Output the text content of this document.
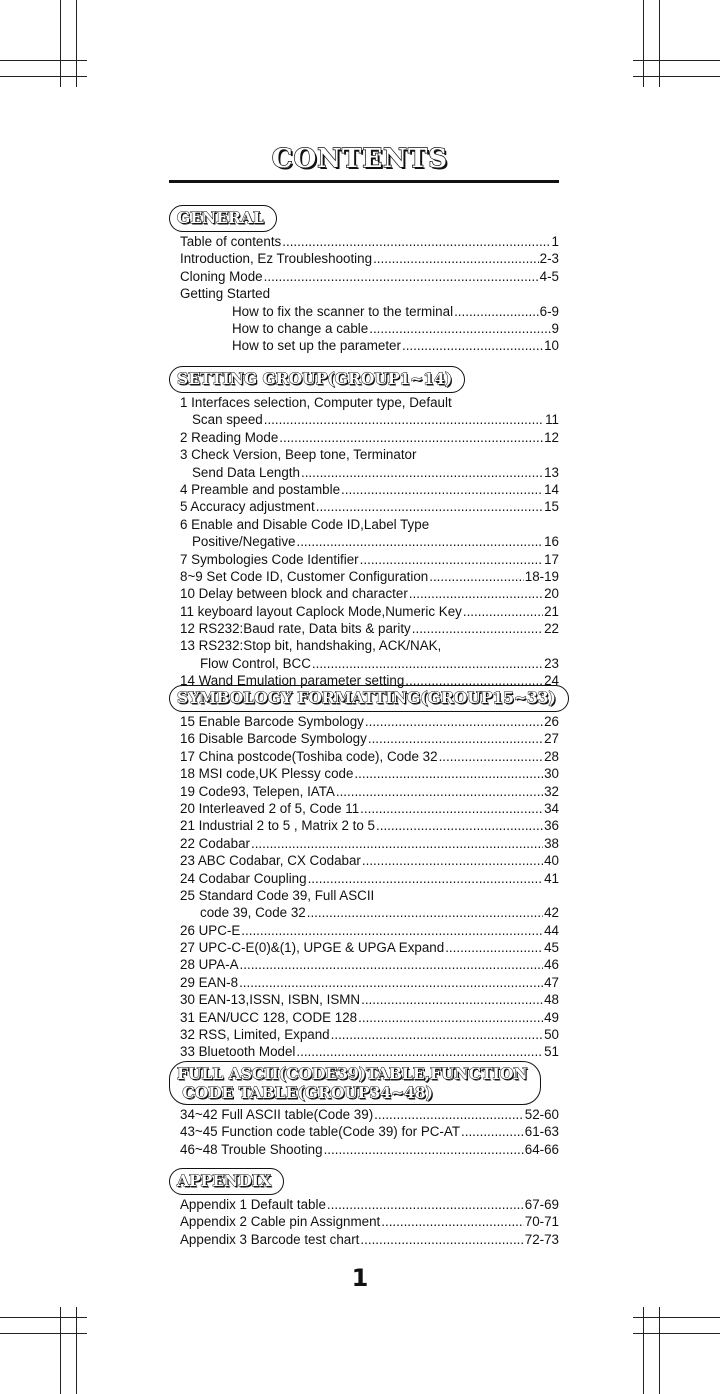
CONTENTS
GENERAL
Table of contents .....	1
Introduction, Ez Troubleshooting .....	2-3
Cloning Mode .....	4-5
Getting Started
How to fix the scanner to the terminal .....	6-9
How to change a cable .....	9
How to set up the parameter .....	10
SETTING GROUP(GROUP1~14)
1 Interfaces selection, Computer type, Default
Scan speed .....	11
2 Reading Mode .....	12
3 Check Version, Beep tone, Terminator
Send Data Length .....	13
4 Preamble and postamble .....	14
5 Accuracy adjustment .....	15
6 Enable and Disable Code ID,Label Type
Positive/Negative .....	16
7 Symbologies Code Identifier .....	17
8~9 Set Code ID, Customer Configuration .....	18-19
10 Delay between block and character .....	20
11 keyboard layout Caplock Mode,Numeric Key .....	21
12 RS232:Baud rate, Data bits & parity .....	22
13 RS232:Stop bit, handshaking, ACK/NAK,
Flow Control, BCC .....	23
14 Wand Emulation parameter setting .....	24
SYMBOLOGY FORMATTING(GROUP15~33)
15 Enable Barcode Symbology .....	26
16 Disable Barcode Symbology .....	27
17 China postcode(Toshiba code), Code 32 .....	28
18 MSI code,UK Plessy code .....	30
19 Code93, Telepen, IATA .....	32
20 Interleaved 2 of 5, Code 11 .....	34
21 Industrial 2 to 5 , Matrix 2 to 5 .....	36
22 Codabar .....	38
23 ABC Codabar, CX Codabar .....	40
24 Codabar Coupling .....	41
25 Standard Code 39, Full ASCII
code 39, Code 32 .....	42
26 UPC-E .....	44
27 UPC-C-E(0)&(1), UPGE & UPGA Expand .....	45
28 UPA-A .....	46
29 EAN-8 .....	47
30 EAN-13,ISSN, ISBN, ISMN .....	48
31 EAN/UCC 128, CODE 128 .....	49
32 RSS, Limited, Expand .....	50
33 Bluetooth Model .....	51
FULL ASCII(CODE39)TABLE,FUNCTION
CODE TABLE(GROUP34~48)
34~42 Full ASCII table(Code 39) .....	52-60
43~45 Function code table(Code 39) for PC-AT .....	61-63
46~48 Trouble Shooting .....	64-66
APPENDIX
Appendix 1 Default table .....	67-69
Appendix 2 Cable pin Assignment .....	70-71
Appendix 3 Barcode test chart .....	72-73
1
